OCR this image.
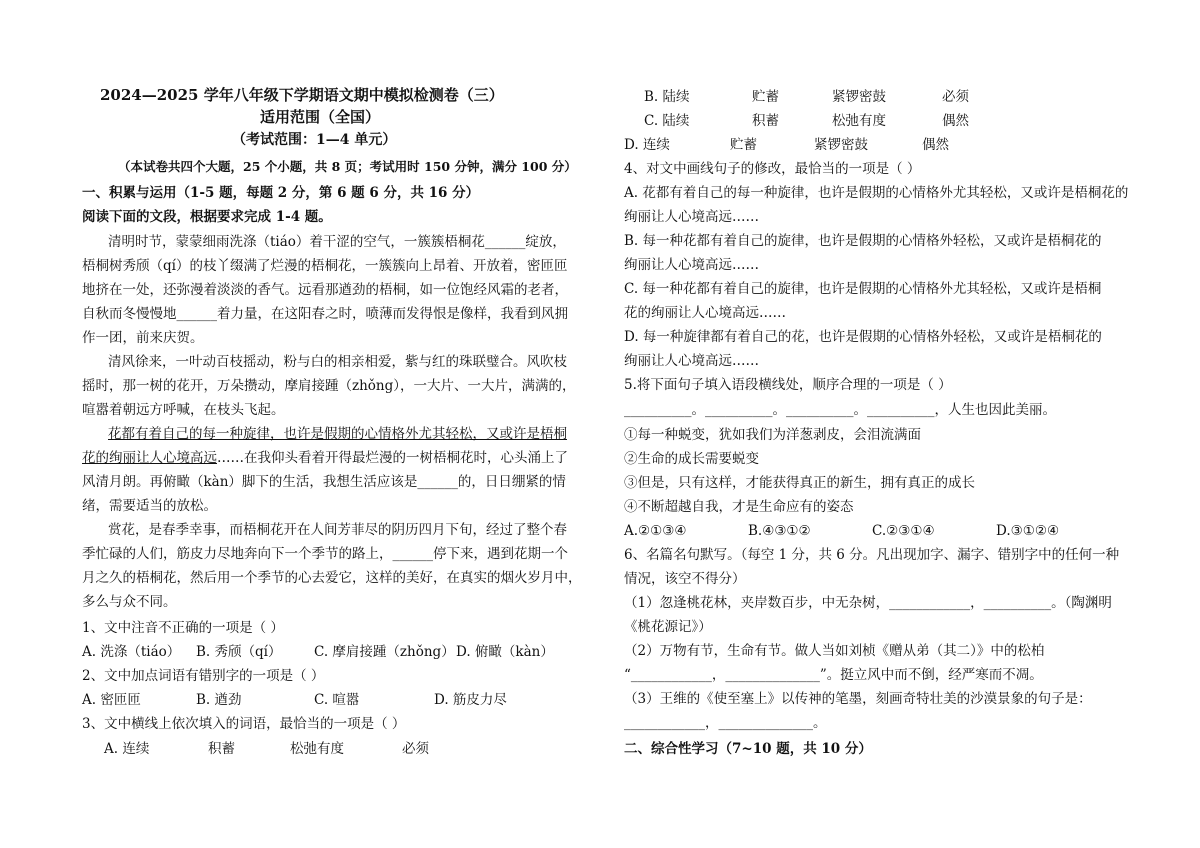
2024—2025 学年八年级下学期语文期中模拟检测卷（三）
适用范围（全国）
（考试范围：1—4 单元）
（本试卷共四个大题，25 个小题，共 8 页；考试用时 150 分钟，满分 100 分）
一、积累与运用（1-5 题，每题 2 分，第 6 题 6 分，共 16 分）
阅读下面的文段，根据要求完成 1-4 题。
清明时节，蒙蒙细雨洗涤（tiáo）着干涩的空气，一簇簇梧桐花______绽放，
梧桐树秀颀（qí）的枝丫缀满了烂漫的梧桐花，一簇簇向上昂着、开放着，密匝匝
地挤在一处，还弥漫着淡淡的香气。远看那遒劲的梧桐，如一位饱经风霜的老者，
自秋而冬慢慢地______着力量，在这阳春之时，喷薄而发得恨是像样，我看到风拥
作一团，前来庆贺。
清风徐来，一叶动百枝摇动，粉与白的相亲相爱，紫与红的珠联璧合。风吹枝
摇时，那一树的花开，万朵攒动，摩肩接踵（zhǒng），一大片、一大片，满满的，
喧嚣着朝远方呼喊，在枝头飞起。
花都有着自己的每一种旋律，也许是假期的心情格外尤其轻松，又或许是梧桐
花的绚丽让人心境高远……在我仰头看着开得最烂漫的一树梧桐花时，心头涌上了
风清月朗。再俯瞰（kàn）脚下的生活，我想生活应该是______的，日日绷紧的情
绪，需要适当的放松。
赏花，是春季幸事，而梧桐花开在人间芳菲尽的阴历四月下旬，经过了整个春
季忙碌的人们，筋皮力尽地奔向下一个季节的路上，______停下来，遇到花期一个
月之久的梧桐花，然后用一个季节的心去爱它，这样的美好，在真实的烟火岁月中，
多么与众不同。
1、文中注音不正确的一项是（ ）
A. 洗涤（tiáo） B. 秀颀（qí） C. 摩肩接踵（zhǒng） D. 俯瞰（kàn）
2、文中加点词语有错别字的一项是（ ）
A. 密匝匝	B. 遒劲	C. 喧嚣	D. 筋皮力尽
3、文中横线上依次填入的词语，最恰当的一项是（ ）
A. 连续	积蓄	松弛有度	必须
B. 陆续	贮蓄	紧锣密鼓	必须
C. 陆续	积蓄	松弛有度	偶然
D. 连续	贮蓄	紧锣密鼓	偶然
4、对文中画线句子的修改，最恰当的一项是（ ）
A. 花都有着自己的每一种旋律，也许是假期的心情格外尤其轻松，又或许是梧桐花的
绚丽让人心境高远……
B. 每一种花都有着自己的旋律，也许是假期的心情格外轻松，又或许是梧桐花的
绚丽让人心境高远……
C. 每一种花都有着自己的旋律，也许是假期的心情格外尤其轻松，又或许是梧桐
花的绚丽让人心境高远……
D. 每一种旋律都有着自己的花，也许是假期的心情格外轻松，又或许是梧桐花的
绚丽让人心境高远……
5.将下面句子填入语段横线处，顺序合理的一项是（ ）
__________。__________。__________。__________，人生也因此美丽。
①每一种蜕变，犹如我们为洋葱剥皮，会泪流满面
②生命的成长需要蜕变
③但是，只有这样，才能获得真正的新生，拥有真正的成长
④不断超越自我，才是生命应有的姿态
A.②①③④	B.④③①②	C.②③①④	D.③①②④
6、名篇名句默写。（每空 1 分，共 6 分。凡出现加字、漏字、错别字中的任何一种
情况，该空不得分）
（1）忽逢桃花林，夹岸数百步，中无杂树，____________，__________。（陶渊明
《桃花源记》）
（2）万物有节，生命有节。做人当如刘桢《赠从弟（其二）》中的松柏
“____________，______________”。挺立风中而不倒，经严寒而不凋。
（3）王维的《使至塞上》以传神的笔墨，刻画奇特壮美的沙漠景象的句子是：
____________，______________。
二、综合性学习（7~10 题，共 10 分）
